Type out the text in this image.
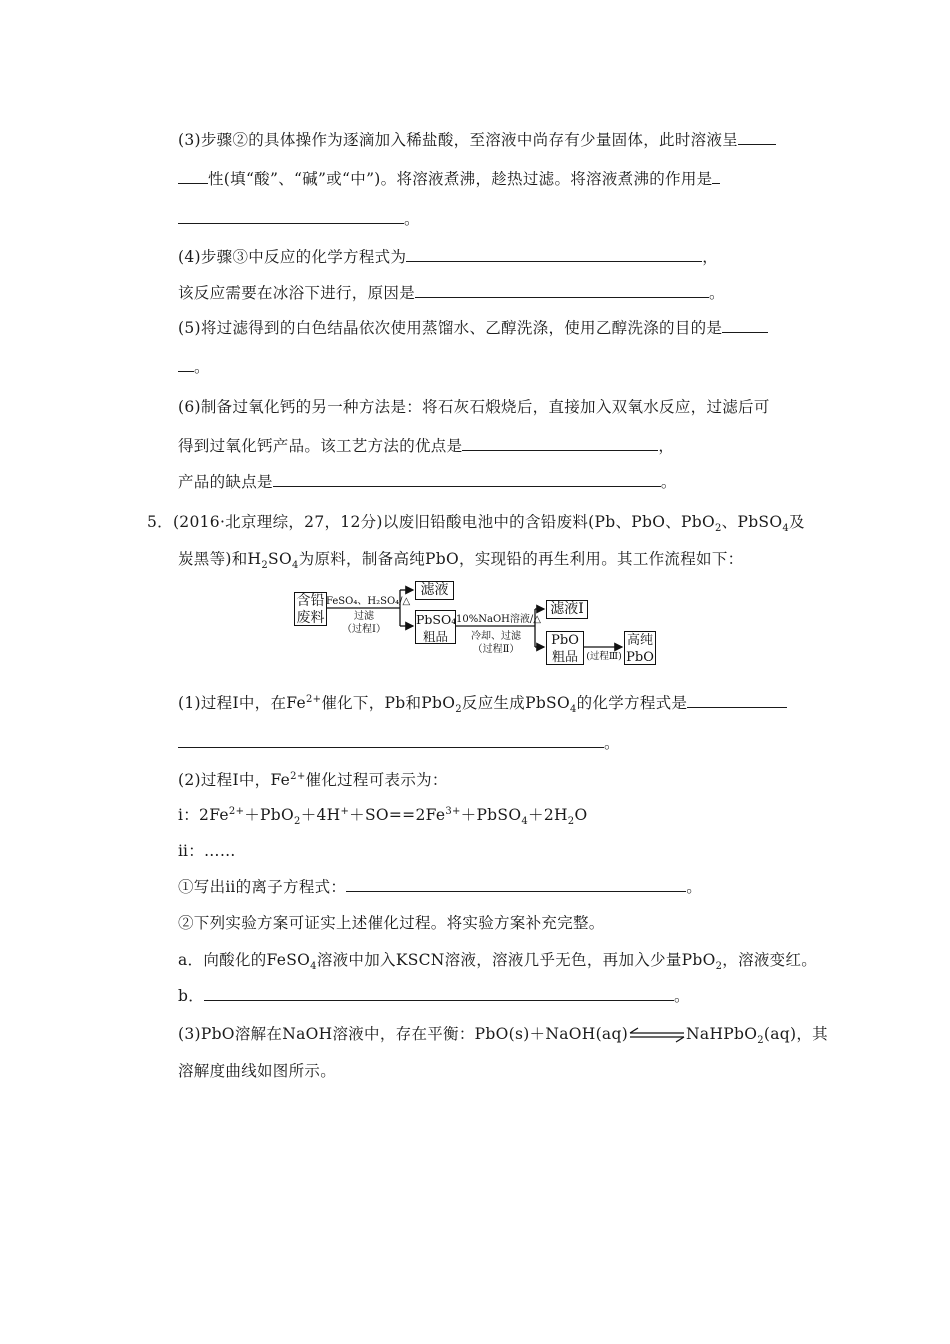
(3)步骤②的具体操作为逐滴加入稀盐酸，至溶液中尚存有少量固体，此时溶液呈
性(填“酸”、“碱”或“中”)。将溶液煮沸，趁热过滤。将溶液煮沸的作用是
。
(4)步骤③中反应的化学方程式为	，
该反应需要在冰浴下进行，原因是	。
(5)将过滤得到的白色结晶依次使用蒸馏水、乙醇洗涤，使用乙醇洗涤的目的是
。
(6)制备过氧化钙的另一种方法是：将石灰石煅烧后，直接加入双氧水反应，过滤后可
得到过氧化钙产品。该工艺方法的优点是	，
产品的缺点是	。
5．(2016·北京理综，27，12分)以废旧铅酸电池中的含铅废料(Pb、PbO、PbO$_2$、PbSO$_4$及
炭黑等)和$H_2SO_4$为原料，制备高纯PbO，实现铅的再生利用。其工作流程如下：
含铅废料
FeSO₄、H₂SO₄/△
过滤
（过程Ⅰ）
滤液
PbSO₄粗品
10%NaOH溶液/△
冷却、过滤
（过程Ⅱ）
滤液Ⅰ
PbO粗品 (过程Ⅲ)
高纯PbO
(1)过程Ⅰ中，在$Fe^{2+}$催化下，Pb和PbO$_2$反应生成PbSO$_4$的化学方程式是
。
(2)过程Ⅰ中，$Fe^{2+}$催化过程可表示为：
ⅰ：$2Fe^{2+}+PbO_2+4H^++SO==2Fe^{3+}+PbSO_4+2H_2O$
ⅱ：……
①写出ⅱ的离子方程式：	。
②下列实验方案可证实上述催化过程。将实验方案补充完整。
a．向酸化的FeSO$_4$溶液中加入KSCN溶液，溶液几乎无色，再加入少量PbO$_2$，溶液变红。
b．	。
(3)PbO溶解在NaOH溶液中，存在平衡：PbO(s)＋NaOH(aq)⇌NaHPbO$_2$(aq)，其
溶解度曲线如图所示。
